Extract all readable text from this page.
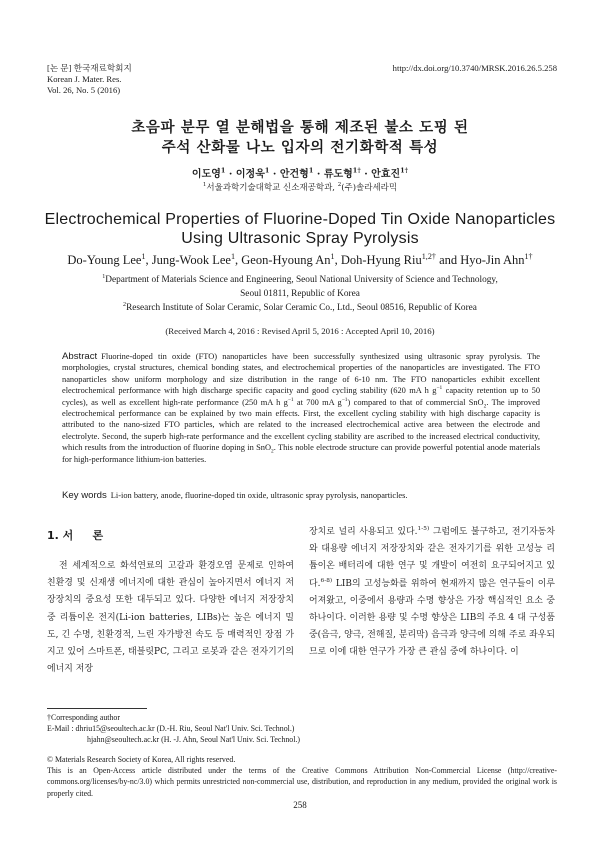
[논 문] 한국재료학회지
Korean J. Mater. Res.
Vol. 26, No. 5 (2016)
http://dx.doi.org/10.3740/MRSK.2016.26.5.258
초음파 분무 열 분해법을 통해 제조된 불소 도핑 된
주석 산화물 나노 입자의 전기화학적 특성
이도영$^1$ · 이정욱$^1$ · 안건형$^1$ · 류도형$^{1\dagger}$ · 안효진$^{1\dagger}$
$^1$서울과학기술대학교 신소재공학과, $^2$(주)솔라세라믹
Electrochemical Properties of Fluorine-Doped Tin Oxide Nanoparticles
Using Ultrasonic Spray Pyrolysis
Do-Young Lee$^1$, Jung-Wook Lee$^1$, Geon-Hyoung An$^1$, Doh-Hyung Riu$^{1,2\dagger}$ and Hyo-Jin Ahn$^{1\dagger}$
$^1$Department of Materials Science and Engineering, Seoul National University of Science and Technology,
Seoul 01811, Republic of Korea
$^2$Research Institute of Solar Ceramic, Solar Ceramic Co., Ltd., Seoul 08516, Republic of Korea
(Received March 4, 2016 : Revised April 5, 2016 : Accepted April 10, 2016)
Abstract Fluorine-doped tin oxide (FTO) nanoparticles have been successfully synthesized using ultrasonic spray pyrolysis. The morphologies, crystal structures, chemical bonding states, and electrochemical properties of the nanoparticles are investigated. The FTO nanoparticles show uniform morphology and size distribution in the range of 6-10 nm. The FTO nanoparticles exhibit excellent electrochemical performance with high discharge specific capacity and good cycling stability (620 mA h $g^{-1}$ capacity retention up to 50 cycles), as well as excellent high-rate performance (250 mA h $g^{-1}$ at 700 mA $g^{-1}$) compared to that of commercial SnO$_2$. The improved electrochemical performance can be explained by two main effects. First, the excellent cycling stability with high discharge capacity is attributed to the nano-sized FTO particles, which are related to the increased electrochemical active area between the electrode and electrolyte. Second, the superb high-rate performance and the excellent cycling stability are ascribed to the increased electrical conductivity, which results from the introduction of fluorine doping in SnO$_2$. This noble electrode structure can provide powerful potential anode materials for high-performance lithium-ion batteries.
Key words Li-ion battery, anode, fluorine-doped tin oxide, ultrasonic spray pyrolysis, nanoparticles.
1. 서 론

전 세계적으로 화석연료의 고갈과 환경오염 문제로 인하여 친환경 및 신재생 에너지에 대한 관심이 높아지면서 에너지 저장장치의 중요성 또한 대두되고 있다. 다양한 에너지 저장장치 중 리튬이온 전지(Li-ion batteries, LIBs)는 높은 에너지 밀도, 긴 수명, 친환경적, 느린 자가방전 속도 등 매력적인 장점 가지고 있어 스마트폰, 태블릿PC, 그리고 로봇과 같은 전자기기의 에너지 저장

장치로 널리 사용되고 있다.$^{1-5)}$ 그럼에도 불구하고, 전기자동차와 대용량 에너지 저장장치와 같은 전자기기를 위한 고성능 리튬이온 배터리에 대한 연구 및 개발이 여전히 요구되어지고 있다.$^{6-8)}$ LIB의 고성능화를 위하여 현재까지 많은 연구들이 이루어져왔고, 이중에서 용량과 수명 향상은 가장 핵심적인 요소 중 하나이다. 이러한 용량 및 수명 향상은 LIB의 주요 4 대 구성품 중(음극, 양극, 전해질, 분리막) 음극과 양극에 의해 주로 좌우되므로 이에 대한 연구가 가장 큰 관심 중에 하나이다. 이

†Corresponding author
E-Mail : dhriu15@seoultech.ac.kr (D.-H. Riu, Seoul Nat'l Univ. Sci. Technol.)
hjahn@seoultech.ac.kr (H. -J. Ahn, Seoul Nat'l Univ. Sci. Technol.)
© Materials Research Society of Korea, All rights reserved.
This is an Open-Access article distributed under the terms of the Creative Commons Attribution Non-Commercial License (http://creative-commons.org/licenses/by-nc/3.0) which permits unrestricted non-commercial use, distribution, and reproduction in any medium, provided the original work is properly cited.
258
